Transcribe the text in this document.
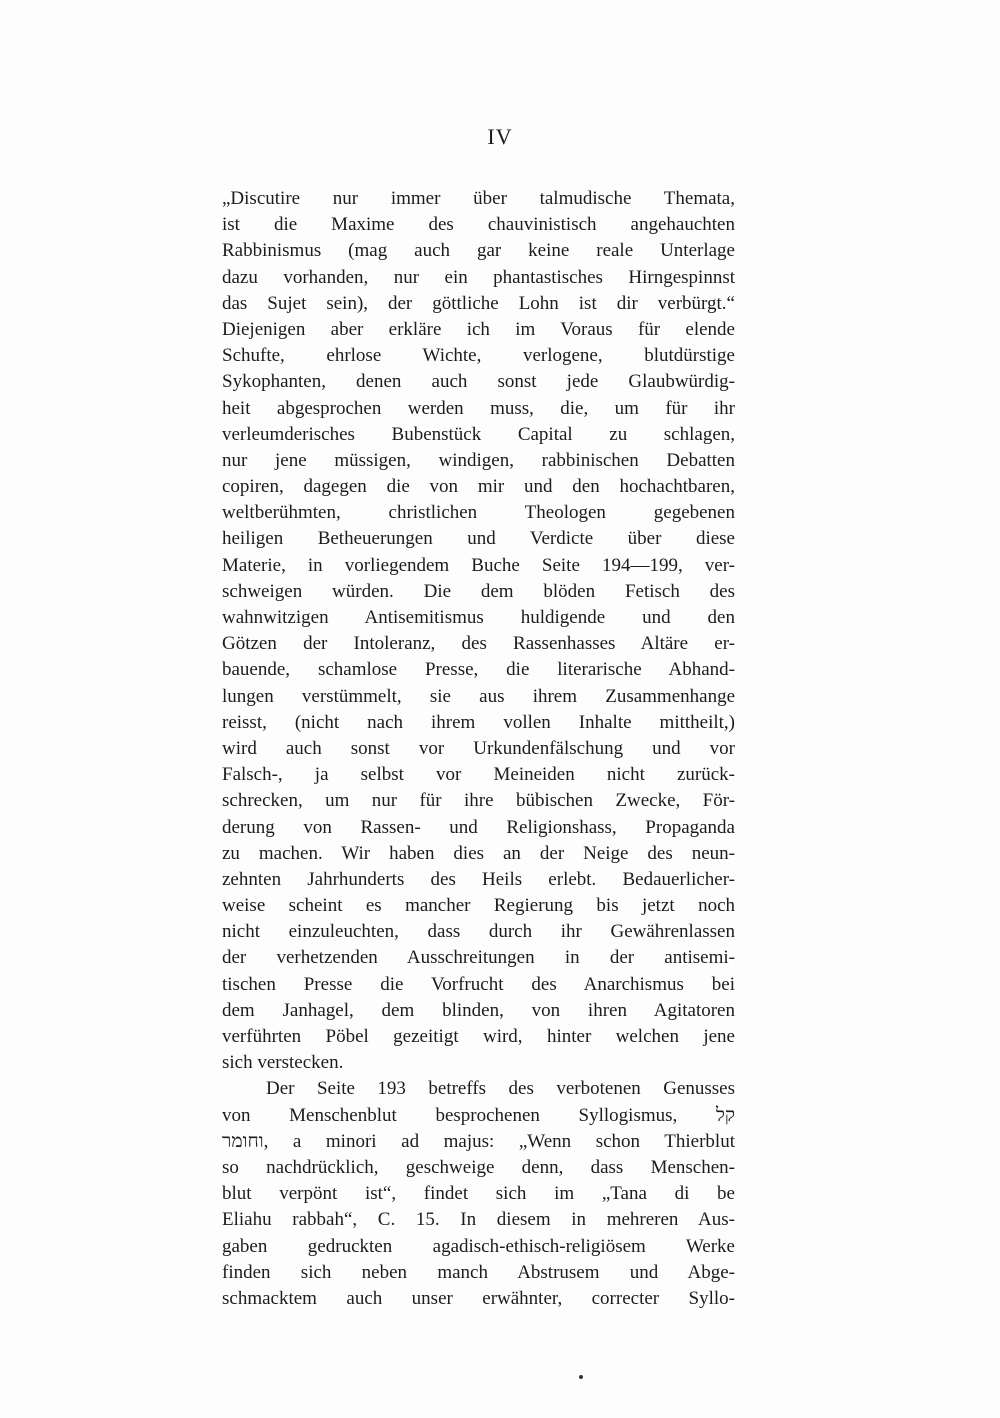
IV
„Discutire nur immer über talmudische Themata,
ist die Maxime des chauvinistisch angehauchten
Rabbinismus (mag auch gar keine reale Unterlage
dazu vorhanden, nur ein phantastisches Hirngespinnst
das Sujet sein), der göttliche Lohn ist dir verbürgt.“
Diejenigen aber erkläre ich im Voraus für elende
Schufte, ehrlose Wichte, verlogene, blutdürstige
Sykophanten, denen auch sonst jede Glaubwürdig-
heit abgesprochen werden muss, die, um für ihr
verleumderisches Bubenstück Capital zu schlagen,
nur jene müssigen, windigen, rabbinischen Debatten
copiren, dagegen die von mir und den hochachtbaren,
weltberühmten, christlichen Theologen gegebenen
heiligen Betheuerungen und Verdicte über diese
Materie, in vorliegendem Buche Seite 194—199, ver-
schweigen würden. Die dem blöden Fetisch des
wahnwitzigen Antisemitismus huldigende und den
Götzen der Intoleranz, des Rassenhasses Altäre er-
bauende, schamlose Presse, die literarische Abhand-
lungen verstümmelt, sie aus ihrem Zusammenhange
reisst, (nicht nach ihrem vollen Inhalte mittheilt,)
wird auch sonst vor Urkundenfälschung und vor
Falsch-, ja selbst vor Meineiden nicht zurück-
schrecken, um nur für ihre bübischen Zwecke, För-
derung von Rassen- und Religionshass, Propaganda
zu machen. Wir haben dies an der Neige des neun-
zehnten Jahrhunderts des Heils erlebt. Bedauerlicher-
weise scheint es mancher Regierung bis jetzt noch
nicht einzuleuchten, dass durch ihr Gewährenlassen
der verhetzenden Ausschreitungen in der antisemi-
tischen Presse die Vorfrucht des Anarchismus bei
dem Janhagel, dem blinden, von ihren Agitatoren
verführten Pöbel gezeitigt wird, hinter welchen jene
sich verstecken.
Der Seite 193 betreffs des verbotenen Genusses
von Menschenblut besprochenen Syllogismus, קל
וחומר, a minori ad majus: „Wenn schon Thierblut
so nachdrücklich, geschweige denn, dass Menschen-
blut verpönt ist“, findet sich im „Tana di be
Eliahu rabbah“, C. 15. In diesem in mehreren Aus-
gaben gedruckten agadisch-ethisch-religiösem Werke
finden sich neben manch Abstrusem und Abge-
schmacktem auch unser erwähnter, correcter Syllo-
